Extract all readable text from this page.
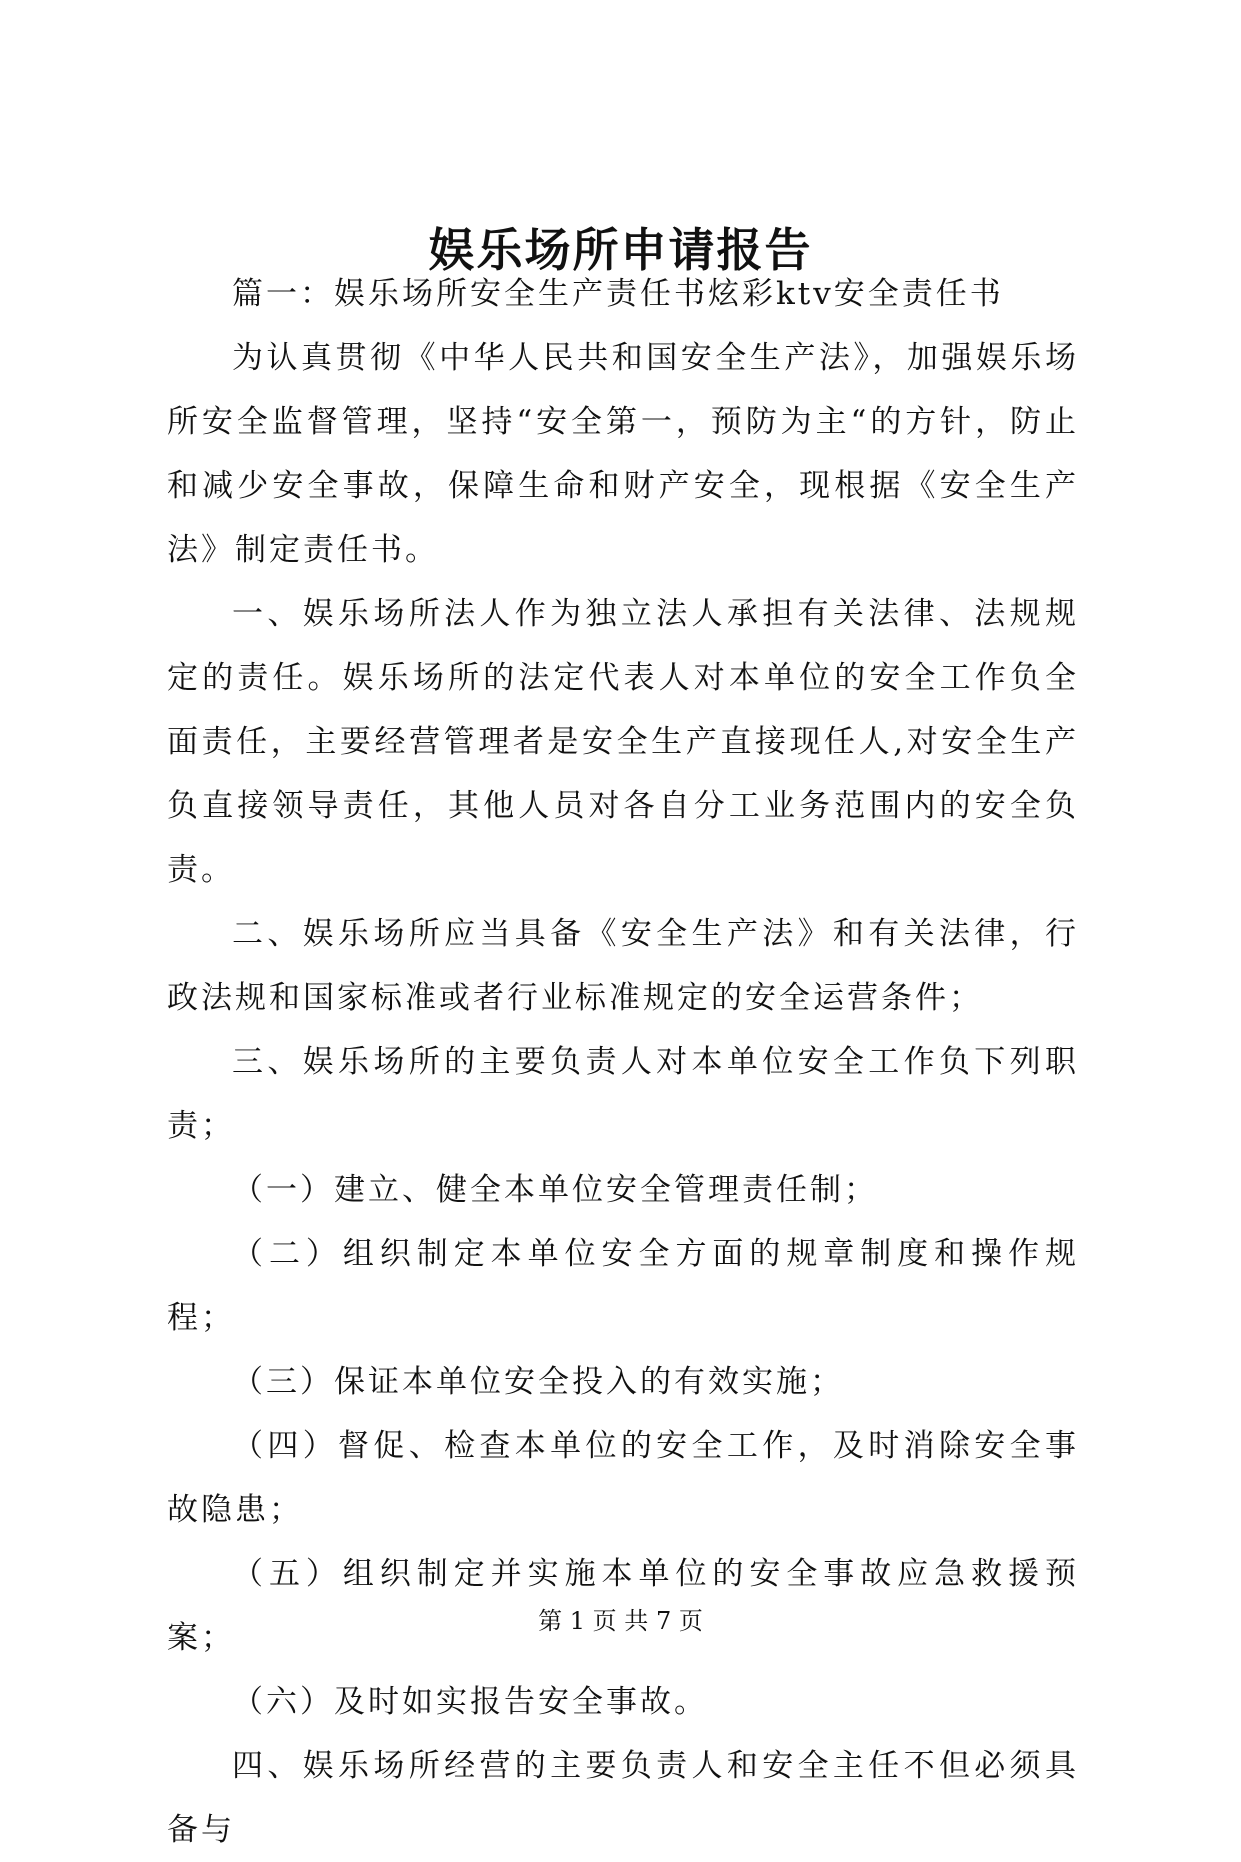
娱乐场所申请报告

篇一：娱乐场所安全生产责任书炫彩ktv安全责任书

为认真贯彻《中华人民共和国安全生产法》，加强娱乐场所安全监督管理，坚持“安全第一，预防为主“的方针，防止和减少安全事故，保障生命和财产安全，现根据《安全生产法》制定责任书。

一、娱乐场所法人作为独立法人承担有关法律、法规规定的责任。娱乐场所的法定代表人对本单位的安全工作负全面责任，主要经营管理者是安全生产直接现任人,对安全生产负直接领导责任，其他人员对各自分工业务范围内的安全负责。

二、娱乐场所应当具备《安全生产法》和有关法律，行政法规和国家标准或者行业标准规定的安全运营条件；

三、娱乐场所的主要负责人对本单位安全工作负下列职责；

（一）建立、健全本单位安全管理责任制；

（二）组织制定本单位安全方面的规章制度和操作规程；

（三）保证本单位安全投入的有效实施；

（四）督促、检查本单位的安全工作，及时消除安全事故隐患；

（五）组织制定并实施本单位的安全事故应急救援预案；

（六）及时如实报告安全事故。

四、娱乐场所经营的主要负责人和安全主任不但必须具备与

第 1 页 共 7 页
